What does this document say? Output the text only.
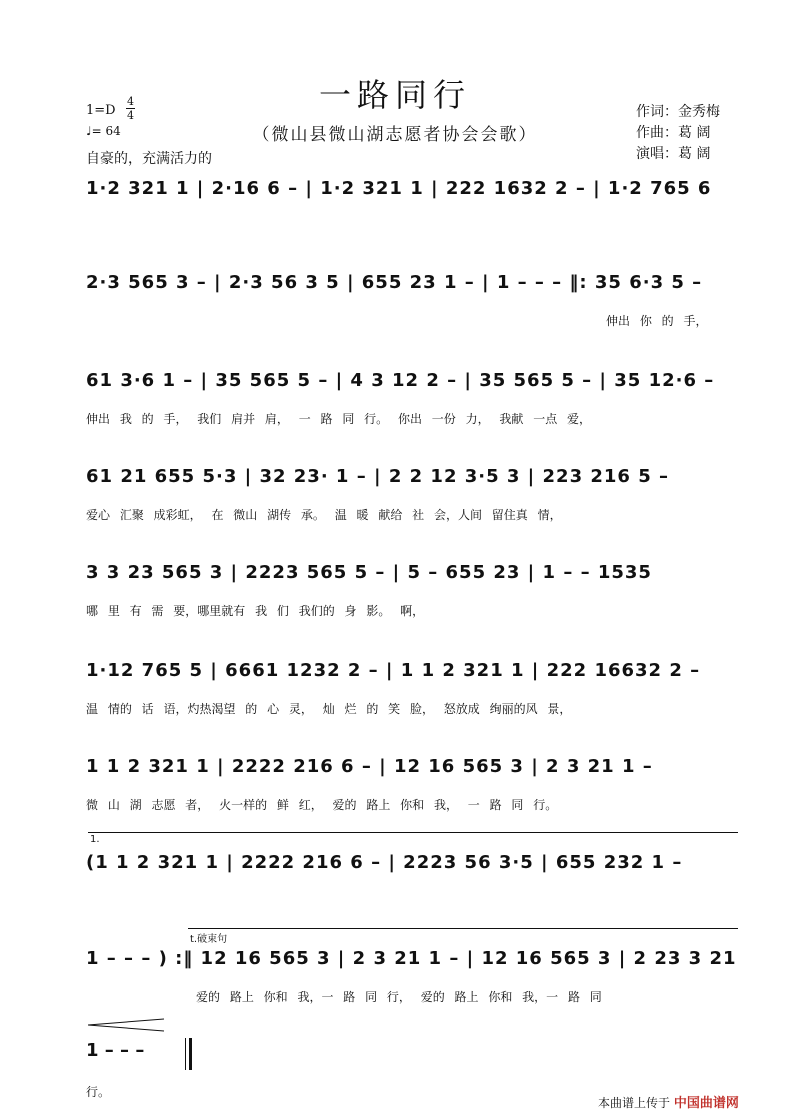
一路同行
（微山县微山湖志愿者协会会歌）
1=D
4
4
♩= 64
自豪的，充满活力的
作词：金秀梅
作曲：葛 阔
演唱：葛 阔
1·2 321 1 | 2·16 6 – | 1·2 321 1 | 222 1632 2 – | 1·2 765 6
2·3 565 3 – | 2·3 56 3 5 | 655 23 1 – | 1 – – – ‖: 35 6·3 5 –
伸出 你 的 手，
61 3·6 1 – | 35 565 5 – | 4 3 12 2 – | 35 565 5 – | 35 12·6 –
伸出 我 的 手， 我们 肩并 肩， 一 路 同 行。 你出 一份 力， 我献 一点 爱，
61 21 655 5·3 | 32 23· 1 – | 2 2 12 3·5 3 | 223 216 5 –
爱心 汇聚 成彩虹， 在 微山 湖传 承。 温 暖 献给 社 会，人间 留住真 情，
3 3 23 565 3 | 2223 565 5 – | 5 – 655 23 | 1 – – 1535
哪 里 有 需 要，哪里就有 我 们 我们的 身 影。 啊，
1·12 765 5 | 6661 1232 2 – | 1 1 2 321 1 | 222 16632 2 –
温 情的 话 语，灼热渴望 的 心 灵， 灿 烂 的 笑 脸， 怒放成 绚丽的风 景，
1 1 2 321 1 | 2222 216 6 – | 12 16 565 3 | 2 3 21 1 –
微 山 湖 志愿 者， 火一样的 鲜 红， 爱的 路上 你和 我， 一 路 同 行。
1.
(1 1 2 321 1 | 2222 216 6 – | 2223 56 3·5 | 655 232 1 –
t.破束句
1 – – – ) :‖ 12 16 565 3 | 2 3 21 1 – | 12 16 565 3 | 2 23 3 21
爱的 路上 你和 我，一 路 同 行， 爱的 路上 你和 我，一 路 同
1 – – –
行。
本曲谱上传于 中国曲谱网
